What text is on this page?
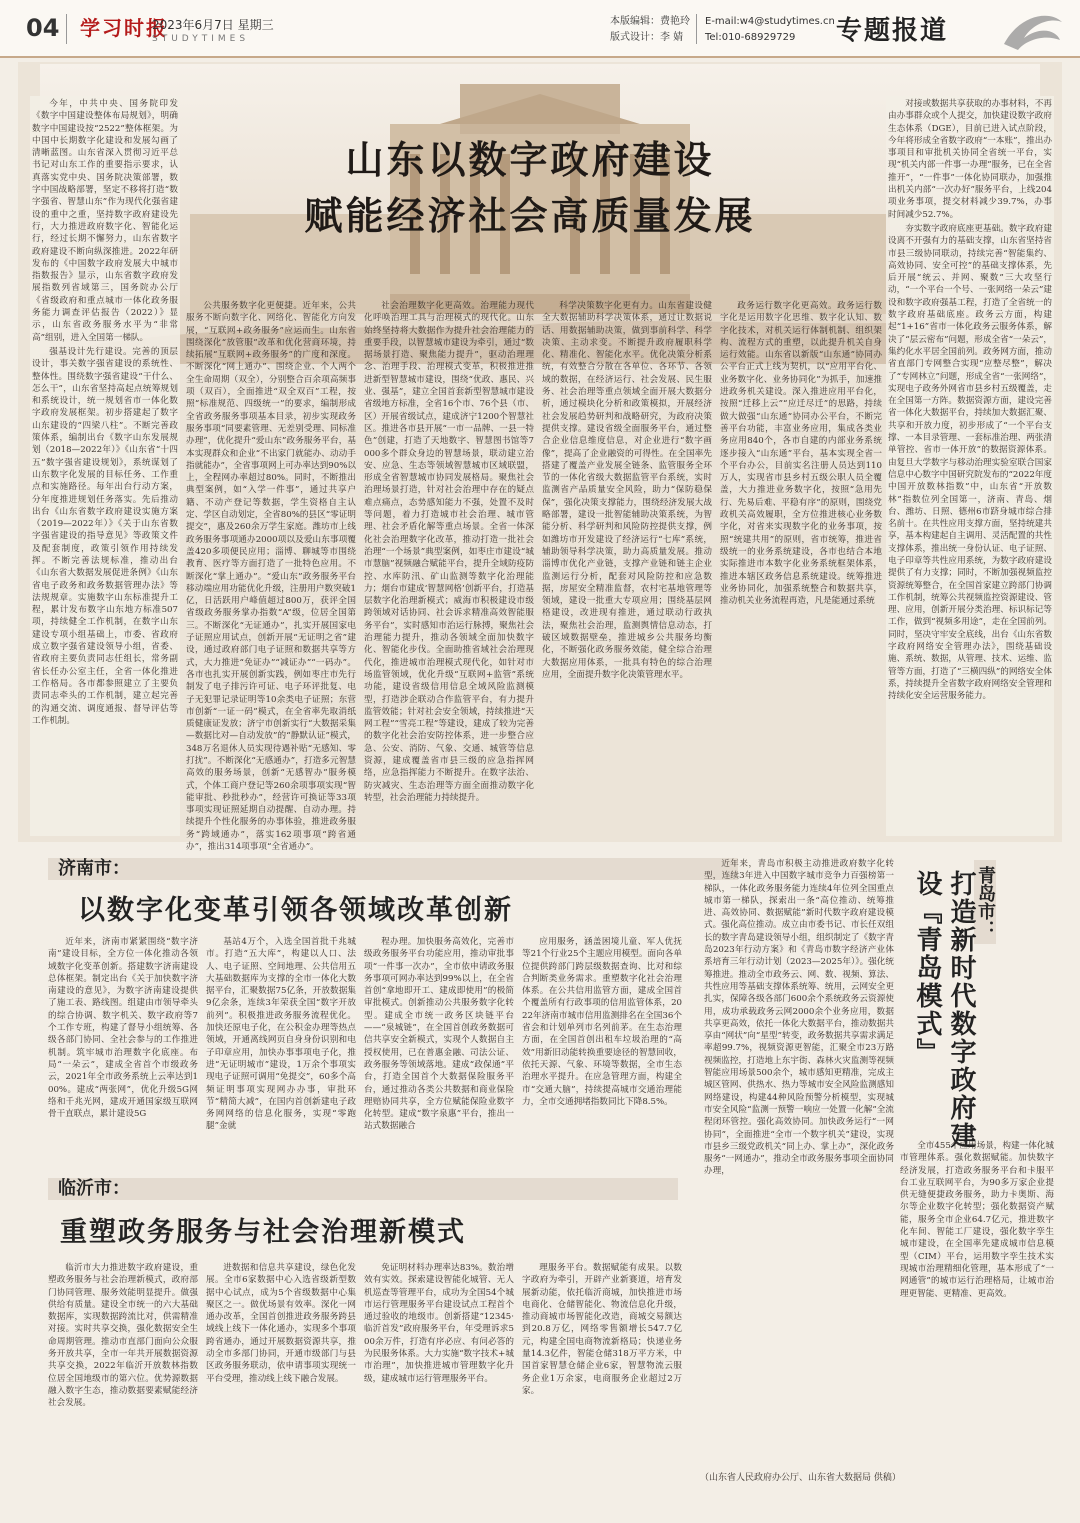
04 学习时报
2023年6月7日 星期三
STUDYTIMES
本版编辑：费艳玲
版式设计：李 婧
E-mail:w4@studytimes.cn
Tel:010-68929729	专题报道
山东以数字政府建设
赋能经济社会高质量发展

今年，中共中央、国务院印发《数字中国建设整体布局规划》，明确数字中国建设按“2522”整体框架。为中国中长期数字化建设和发展勾画了清晰蓝图。山东省深入贯彻习近平总书记对山东工作的重要指示要求，认真落实党中央、国务院决策部署，数字中国战略部署，坚定不移将打造“数字强省、智慧山东”作为现代化强省建设的重中之重，坚持数字政府建设先行，大力推进政府数字化、智能化运行，经过长期不懈努力，山东省数字政府建设不断向纵深推进。2022年研发布的《中国数字政府发展大中城市指数报告》显示，山东省数字政府发展指数列省域第三，国务院办公厅《省级政府和重点城市一体化政务服务能力调查评估报告（2022）》显示，山东省政务服务水平为“非常高”组别，进入全国第一梯队。

强基设计先行建设。完善的顶层设计，事关数字强省建设的系统性、整体性。围绕数字强省建设“干什么、怎么干”，山东省坚持高起点统筹规划和系统设计，统一规划省市一体化数字政府发展框架。初步搭建起了数字山东建设的“四梁八柱”。不断完善政策体系，编制出台《数字山东发展规划（2018—2022年）》《山东省“十四五”数字强省建设规划》，系统谋划了山东数字化发展的目标任务、工作重点和实施路径。每年出台行动方案，分年度推进规划任务落实。先后推动出台《山东省数字政府建设实施方案（2019—2022年）》《关于山东省数字强省建设的指导意见》等政策文件及配套制度，政策引领作用持续发挥。不断完善法规标准，推动出台《山东省大数据发展促进条例》《山东省电子政务和政务数据管理办法》等法规规章。实施数字山东标准提升工程，累计发布数字山东地方标准507项，持续健全工作机制，在数字山东建设专项小组基础上，市委、省政府成立数字强省建设领导小组，省委、省政府主要负责同志任组长，常务副省长任办公室主任，全省一体化推进工作格局。各市都参照建立了主要负责同志牵头的工作机制，建立起完善的沟通交流、调度通报、督导评估等工作机制。

公共服务数字化更便捷。近年来，公共服务不断向数字化、网络化、智能化方向发展，“互联网+政务服务”应运而生。山东省围绕深化“放管服”改革和优化营商环境，持续拓展“互联网+政务服务”的广度和深度。不断深化“网上通办”、围绕企业、个人两个全生命周期（双全），分别整合百余项高频事项（双百），全面推进“双全双百”工程，按照“标准规范、四级统一”的要求，编制形成全省政务服务事项基本目录，初步实现政务服务事项“同要素管理、无差别受理、同标准办理”，优化提升“爱山东”政务服务平台，基本实现群众和企业“不出家门就能办、动动手指就能办”，全省事项网上可办率达到90%以上，全程网办率超过80%。同时，不断推出典型案例，如“入学一件事”，通过共享户籍、不动产登记等数据，学生资格自主认定、学区自动划定，全省80%的县区“零证明提交”，惠及260余万学生家庭。潍坊市上线政务服务事项通办2000项以及爱山东事项覆盖420多项便民应用；淄博、聊城等市围绕教育、医疗等方面打造了一批特色应用。不断深化“掌上通办”。“爱山东”政务服务平台移动端应用功能优化升级，注册用户数突破1亿，日活跃用户峰值超过800万，获评全国省级政务服务掌办指数“A”级，位居全国第三。不断深化“无证通办”，扎实开展国家电子证照应用试点，创新开展“无证明之省”建设，通过政府部门电子证照和数据共享等方式，大力推进“免证办”“减证办”“一码办”。各市也扎实开展创新实践，例如枣庄市先行制发了电子排污许可证、电子环评批复、电子无犯罪记录证明等10余类电子证照；东营市创新“一证一码”模式，在全省率先取消纸质健康证发放；济宁市创新实行“大数据采集—数据比对—自动发放”的“静默认证”模式，348万名退休人员实现待遇补贴“无感知、零打扰”。不断深化“无感通办”，打造多元智慧高效的服务场景，创新“无感智办”服务模式，个体工商户登记等260余项事项实现“智能审批、秒批秒办”，经营许可换证等33项事项实现证照延期自动提醒、自动办理。持续提升个性化服务的办事体验，推进政务服务“跨域通办”，落实162项事项“跨省通办”，推出314项事项“全省通办”。

社会治理数字化更高效。治理能力现代化呼唤治理工具与治理模式的现代化。山东始终坚持将大数据作为提升社会治理能力的重要手段，以智慧城市建设为牵引，通过“数据场景打造、聚焦能力提升”，驱动治理理念、治理手段、治理模式变革，积极推进推进新型智慧城市建设，围绕“优政、惠民、兴业、强基”，建立全国首套新型智慧城市建设省级地方标准，全省16个市、76个县（市、区）开展省级试点，建成济宁1200个智慧社区。推进各市县开展“一市一品牌、一县一特色”创建，打造了天地数字、智慧图书馆等7000多个群众身边的智慧场景，联动建立治安、应急、生态等领域智慧城市区域联盟，形成全省智慧城市协同发展格局。聚焦社会治理场景打造，针对社会治理中存在的疑点难点痛点，态势感知能力不强，处置不及时等问题，着力打造城市社会治理、城市管理、社会矛盾化解等重点场景。全省一体深化社会治理数字化改革，推动打造一批社会治理“一个场景”典型案例，如枣庄市建设“城市慧脑”视频融合赋能平台，提升全域防疫防控、水库防汛、矿山监测等数字化治理能力；烟台市建成‘智慧网格’创新平台，打造基层数字化治理新模式；威海市积极建设市级跨领域对话协同、社会诉求精准高效智能服务平台”，实时感知市治运行脉搏，聚焦社会治理能力提升，推动各领域全面加快数字化、智能化步伐。全面助推省域社会治理现代化，推进城市治理模式现代化，如针对市场监管领域，优化升级“互联网+监管”系统功能，建设省级信用信息全域风险监测模型，打造涉企联动合作监管平台，有力提升监管效能；针对社会安全领域，持续推进“天网工程”“雪亮工程”等建设，建成了较为完善的数字化社会治安防控体系，进一步整合应急、公安、消防、气象、交通、城管等信息资源，建成覆盖省市县三级的应急指挥网络，应急指挥能力不断提升。在数字法治、防灾减灾、生态治理等方面全面推动数字化转型，社会治理能力持续提升。

科学决策数字化更有力。山东省建设健全大数据辅助科学决策体系，通过让数据说话、用数据辅助决策，做到事前科学、科学决策、主动求变。不断提升政府履职科学化、精准化、智能化水平。优化决策分析系统，有效整合分散在各单位、各环节、各领域的数据，在经济运行、社会发展、民生服务、社会治理等重点领域全面开展大数据分析，通过模块化分析和政策模拟，开展经济社会发展趋势研判和战略研究，为政府决策提供支撑。建设省级全面服务平台，通过整合企业信息维度信息，对企业进行“数字画像”，提高了企业融资的可得性。在全国率先搭建了覆盖产业发展全链条、监管服务全环节的一体化省级大数据监管平台系统，实时监测省产品质量安全风险，助力“保防稳保保”，强化决策支撑能力，围绕经济发展大战略部署，建设一批智能辅助决策系统，为智能分析、科学研判和风险防控提供支撑，例如潍坊市开发建设了经济运行“七库”系统，辅助领导科学决策，助力高质量发展。推动淄博市优化产业链，支撑产业链和链主企业监测运行分析，配套对风险防控和应急数据，房屋安全精准监督，农村宅基地管理等领域，建设一批重大专项应用；围绕基层网格建设，改进现有推进，通过联动行政执法，聚焦社会治理，监测舆情信息动态，打破区域数据壁垒，推进城乡公共服务均衡化，不断强化政务服务效能，健全综合治理大数据应用体系，一批具有特色的综合治理应用，全面提升数字化决策管理水平。

政务运行数字化更高效。政务运行数字化是运用数字化思维、数字化认知、数字化技术，对机关运行体制机制、组织架构、流程方式的重塑，以此提升机关自身运行效能。山东省以新版“山东通”协同办公平台正式上线为契机，以“应用平台化、业务数字化、业务协同化”为抓手，加速推进政务机关建设。深入推进应用平台化，按照“迁移上云”“应迁尽迁”的思路，持续做大做强“山东通”协同办公平台，不断完善平台功能，丰富业务应用，集成各类业务应用840个，各市自建的内部业务系统逐步接入“山东通”平台，基本实现全省一个平台办公，目前实名注册人员达到110万人，实现省市县乡村五级公职人员全覆盖，大力推进业务数字化，按照“急用先行、先易后难、平稳有序”的原则，围绕党政机关高效履职，全方位推进核心业务数字化，对省来实现数字化的业务事项，按照“统建共用”的原则，省市统筹，推进省级统一的业务系统建设，各市也结合本地实际推进市本数字化业务系统框架体系，推进本辖区政务信息系统建设。统筹推进业务协同化，加强系统整合和数据共享，推动机关业务流程再造，凡是能通过系统

对接或数据共享获取的办事材料，不再由办事群众或个人提交，加快建设数字政府生态体系（DGE），目前已进入试点阶段，今年将形成全省数字政府“一本账”，推出办事项目和审批机关协同全省统一平台，实现“机关内部一件事一办理”服务，已在全省推开”，“一件事”一体化协同联办，加强推出机关内部“一次办好”服务平台，上线204项业务事项，提交材料减少39.7%，办事时间减少52.7%。

夯实数字政府底座更基础。数字政府建设离不开强有力的基础支撑，山东省坚持省市县三级协同联动，持续完善“智能集约、高效协同、安全可控”的基础支撑体系，先后开展“统云、并网、聚数”三大攻坚行动，“一个平台一个号、一张网络一朵云”建设和数字政府强基工程，打造了全省统一的数字政府基础底座。政务云方面，构建起“1+16”省市一体化政务云服务体系，解决了“层云密布”问题，形成全省“一朵云”，集约化水平居全国前列。政务网方面，推动省直部门专网整合实现“应整尽整”，解决了“专网林立”问题，形成全省“一张网络”，实现电子政务外网省市县乡村五级覆盖，走在全国第一方阵。数据资源方面，建设完善省一体化大数据平台，持续加大数据汇聚、共享和开放力度，初步形成了“一个平台支撑、一本目录管理、一套标准治理、两张清单管控、省市一体开放”的数据资源体系。由复旦大学数字与移动治理实验室联合国家信息中心数字中国研究院发布的“2022年度中国开放数林指数”中，山东省“开放数林”指数位列全国第一，济南、青岛、烟台、潍坊、日照、德州6市跻身城市综合排名前十。在共性应用支撑方面，坚持统建共享，基本构建起自主调用、灵活配置的共性支撑体系，推出统一身份认证、电子证照、电子印章等共性应用系统，为数字政府建设提供了有力支撑；同时，不断加强视频监控资源统筹整合，在全国首家建立跨部门协调工作机制，统筹公共视频监控资源建设、管理、应用，创新开展分类治理、标识标记等工作，做到“视频多用途”，走在全国前列。同时，坚决守牢安全底线，出台《山东省数字政府网络安全管理办法》，围绕基础设施、系统、数据，从管理、技术、运维、监管等方面，打造了“三横四纵”的网络安全体系，持续提升全省数字政府网络安全管理和持续化安全运营服务能力。

济南市：
以数字化变革引领各领域改革创新

近年来，济南市紧紧围绕“数字济南”建设目标，全方位一体化推动各领域数字化变革创新。搭建数字济南建设总体框架。制定出台《关于加快数字济南建设的意见》，为数字济南建设提供了施工表、路线图。组建由市领导牵头的综合协调、数字机关、数字政府等7个工作专班，构建了督导小组统筹、各级各部门协同、全社会参与的工作推进机制。筑牢城市治理数字化底座。布局“一朵云”，建成全省首个市级政务云，2021年全市政务系统上云率达到100%。建成“两张网”，优化升级5G网络和千兆光网，建成开通国家级互联网骨干直联点，累计建设5G

基站4万个，入选全国首批千兆城市。打造“五大库”，构建以人口、法人、电子证照、空间地理、公共信用五大基础数据库为支撑的全市一体化大数据平台，汇聚数据75亿条，开放数据集9亿余条，连续3年荣获全国“数字开放前列”。积极推进政务服务流程优化。加快还原电子化，在公积金办理等热点领域，开通离线网页自身身份识别和电子印章应用，加快办事事项电子化，推进“无证明城市”建设，1万余个事项实现电子证照可调用“免提交”，60多个高频证明事项实现网办办事，审批环节“精简大减”，在国内首创新建电子政务网网络的信息化服务，实现“零跑腿”金就

程办理。加快服务高效化，完善市级政务服务平台功能应用，推动审批事项“一件事一次办”，全市依申请政务服务事项可网办率达到99%以上，在全省首创“拿地即开工、建成即使用”的极简审批模式。创新推动公共服务数字化转型。建成全市统一政务区块链平台——“泉城链”，在全国首创政务数据可信共享安全新模式，实现个人数据自主授权使用，已在普惠金融、司法公证、政务服务等领域落地。建成“政保通”平台，打造全国首个大数据保险服务平台，通过推动各类公共数据和商业保险理赔协同共享，全方位赋能保险业数字化转型。建成“数字泉惠”平台，推出一站式数据融合

应用服务，涵盖困境儿童、军人优抚等21个行业25个主题应用模型。面向各单位提供跨部门跨层级数据查询、比对和综合判断类业务需求。重塑数字化社会治理体系。在公共信用监管方面，建成全国首个覆盖所有行政事项的信用监管体系，2022年济南市城市信用监测排名在全国36个省会和计划单列市名列前茅。在生态治理方面，在全国首创出租车垃圾治理的“高效”用新旧动能转换重要途径的智慧回收，依托天源、气象、环境等数据，全市生态治理水平提升。在应急管理方面，构建全市“交通大脑”，持续提高城市交通治理能力，全市交通拥堵指数同比下降8.5%。

临沂市：
重塑政务服务与社会治理新模式

临沂市大力推进数字政府建设，重塑政务服务与社会治理新模式，政府部门协同管理、服务效能明显提升。做强供给有质量。建设全市统一的六大基础数据库，实现数据跨流比对，供需精准对接。实时共享交换，强化数据安全生命周期管理。推动市直部门面向公众服务开放共享，全市一年共开展数据资源共享交换，2022年临沂开放数林指数位居全国地级市的第六位。优势源数据融入数字生态，推动数据要素赋能经济社会发展。

进数据和信息共享建设，绿色化发展。全市6家数据中心入选省级新型数据中心试点，成为5个省级数据中心集聚区之一。做优场景有效率。深化一网通办改革，全国首创推进政务服务跨县域线上线下一体化通办，实现多个事项跨省通办，通过开展数据资源共享，推动全市多部门协同，开通市级部门与县区政务服务联动，依申请事项实现统一平台受理，推动线上线下融合发展。

免证明材料办理率达83%。数治增效有实效。探索建设智能化城管、无人机巡查等管理平台，成功为全国54个城市运行管理服务平台建设试点工程首个通过验收的地级市。创新搭建“12345·临沂首发”政府服务平台，年受理诉求500余万件，打造有序必应、有问必答的为民服务体系。大力实施“数字技术+城市治理”，加快推进城市管理数字化升级，建成城市运行管理服务平台。

理服务平台。数据赋能有成果。以数字政府为牵引，开辟产业新赛道，培育发展新动能，依托临沂商城，加快推进市场电商化、仓储智能化、物流信息化升级，推动商城市场智能化改造，商城交易额达到20.8万亿，网络零售额增长547.7亿元，构建全国电商物流新格局；快递业务量14.3亿件，智能仓储318万平方米，中国首家智慧仓储企业6家，智慧物流云服务企业1万余家，电商服务企业超过2万家。

青岛市：
打造新时代数字政府建设『青岛模式』

近年来，青岛市积极主动推进政府数字化转型，连续3年进入中国数字城市竞争力百强榜第一梯队，一体化政务服务能力连续4年位列全国重点城市第一梯队，探索出一条“高位推动、统筹推进、高效协同、数据赋能”新时代数字政府建设模式。强化高位推动。成立由市委书记、市长任双组长的数字青岛建设领导小组，组织制定了《数字青岛2023年行动方案》和《青岛市数字经济产业体系培育三年行动计划（2023—2025年）》。强化统筹推进。推动全市政务云、网、数、视频、算法、共性应用等基础支撑体系统筹、统用，云网安全更扎实，保障各级各部门600余个系统政务云资源使用，成功承载政务云网2000余个业务应用，数据共享更高效，依托一体化大数据平台，推动数据共享由“网状”向“星型”转变，政务数据共享需求满足率超99.7%，视频资源更智能，汇聚全市23万路视频监控，打造地上东宇街、森林火灾监测等视频智能应用场景500余个，城市感知更精准，完成主城区管网、供热水、热力等城市安全风险监测感知网络建设，构建44种风险预警分析模型，实现城市安全风险“监测一预警一响应一处置一化解”全流程闭环管控。强化高效协同。加快政务运行“一网协同”，全面推进“全市一个数字机关”建设，实现市县乡三级党政机关“同上办、掌上办”，深化政务服务“一网通办”，推动全市政务服务事项全面协同办理，

全市455个应用场景，构建一体化城市管理体系。强化数据赋能。加快数字经济发展，打造政务服务平台和卡服平台工业互联网平台，为90多万家企业提供无缝便捷政务服务，助力卡奥斯、海尔等企业数字化转型；强化数据资产赋能，服务全市企业64.7亿元，推进数字化车间、智能工厂建设，强化数字孪生城市建设，在全国率先建成城市信息模型（CIM）平台，运用数字孪生技术实现城市治理精细化管理，基本形成了“一网通管”的城市运行治理格局，让城市治理更智能、更精准、更高效。

（山东省人民政府办公厅、山东省大数据局 供稿）
